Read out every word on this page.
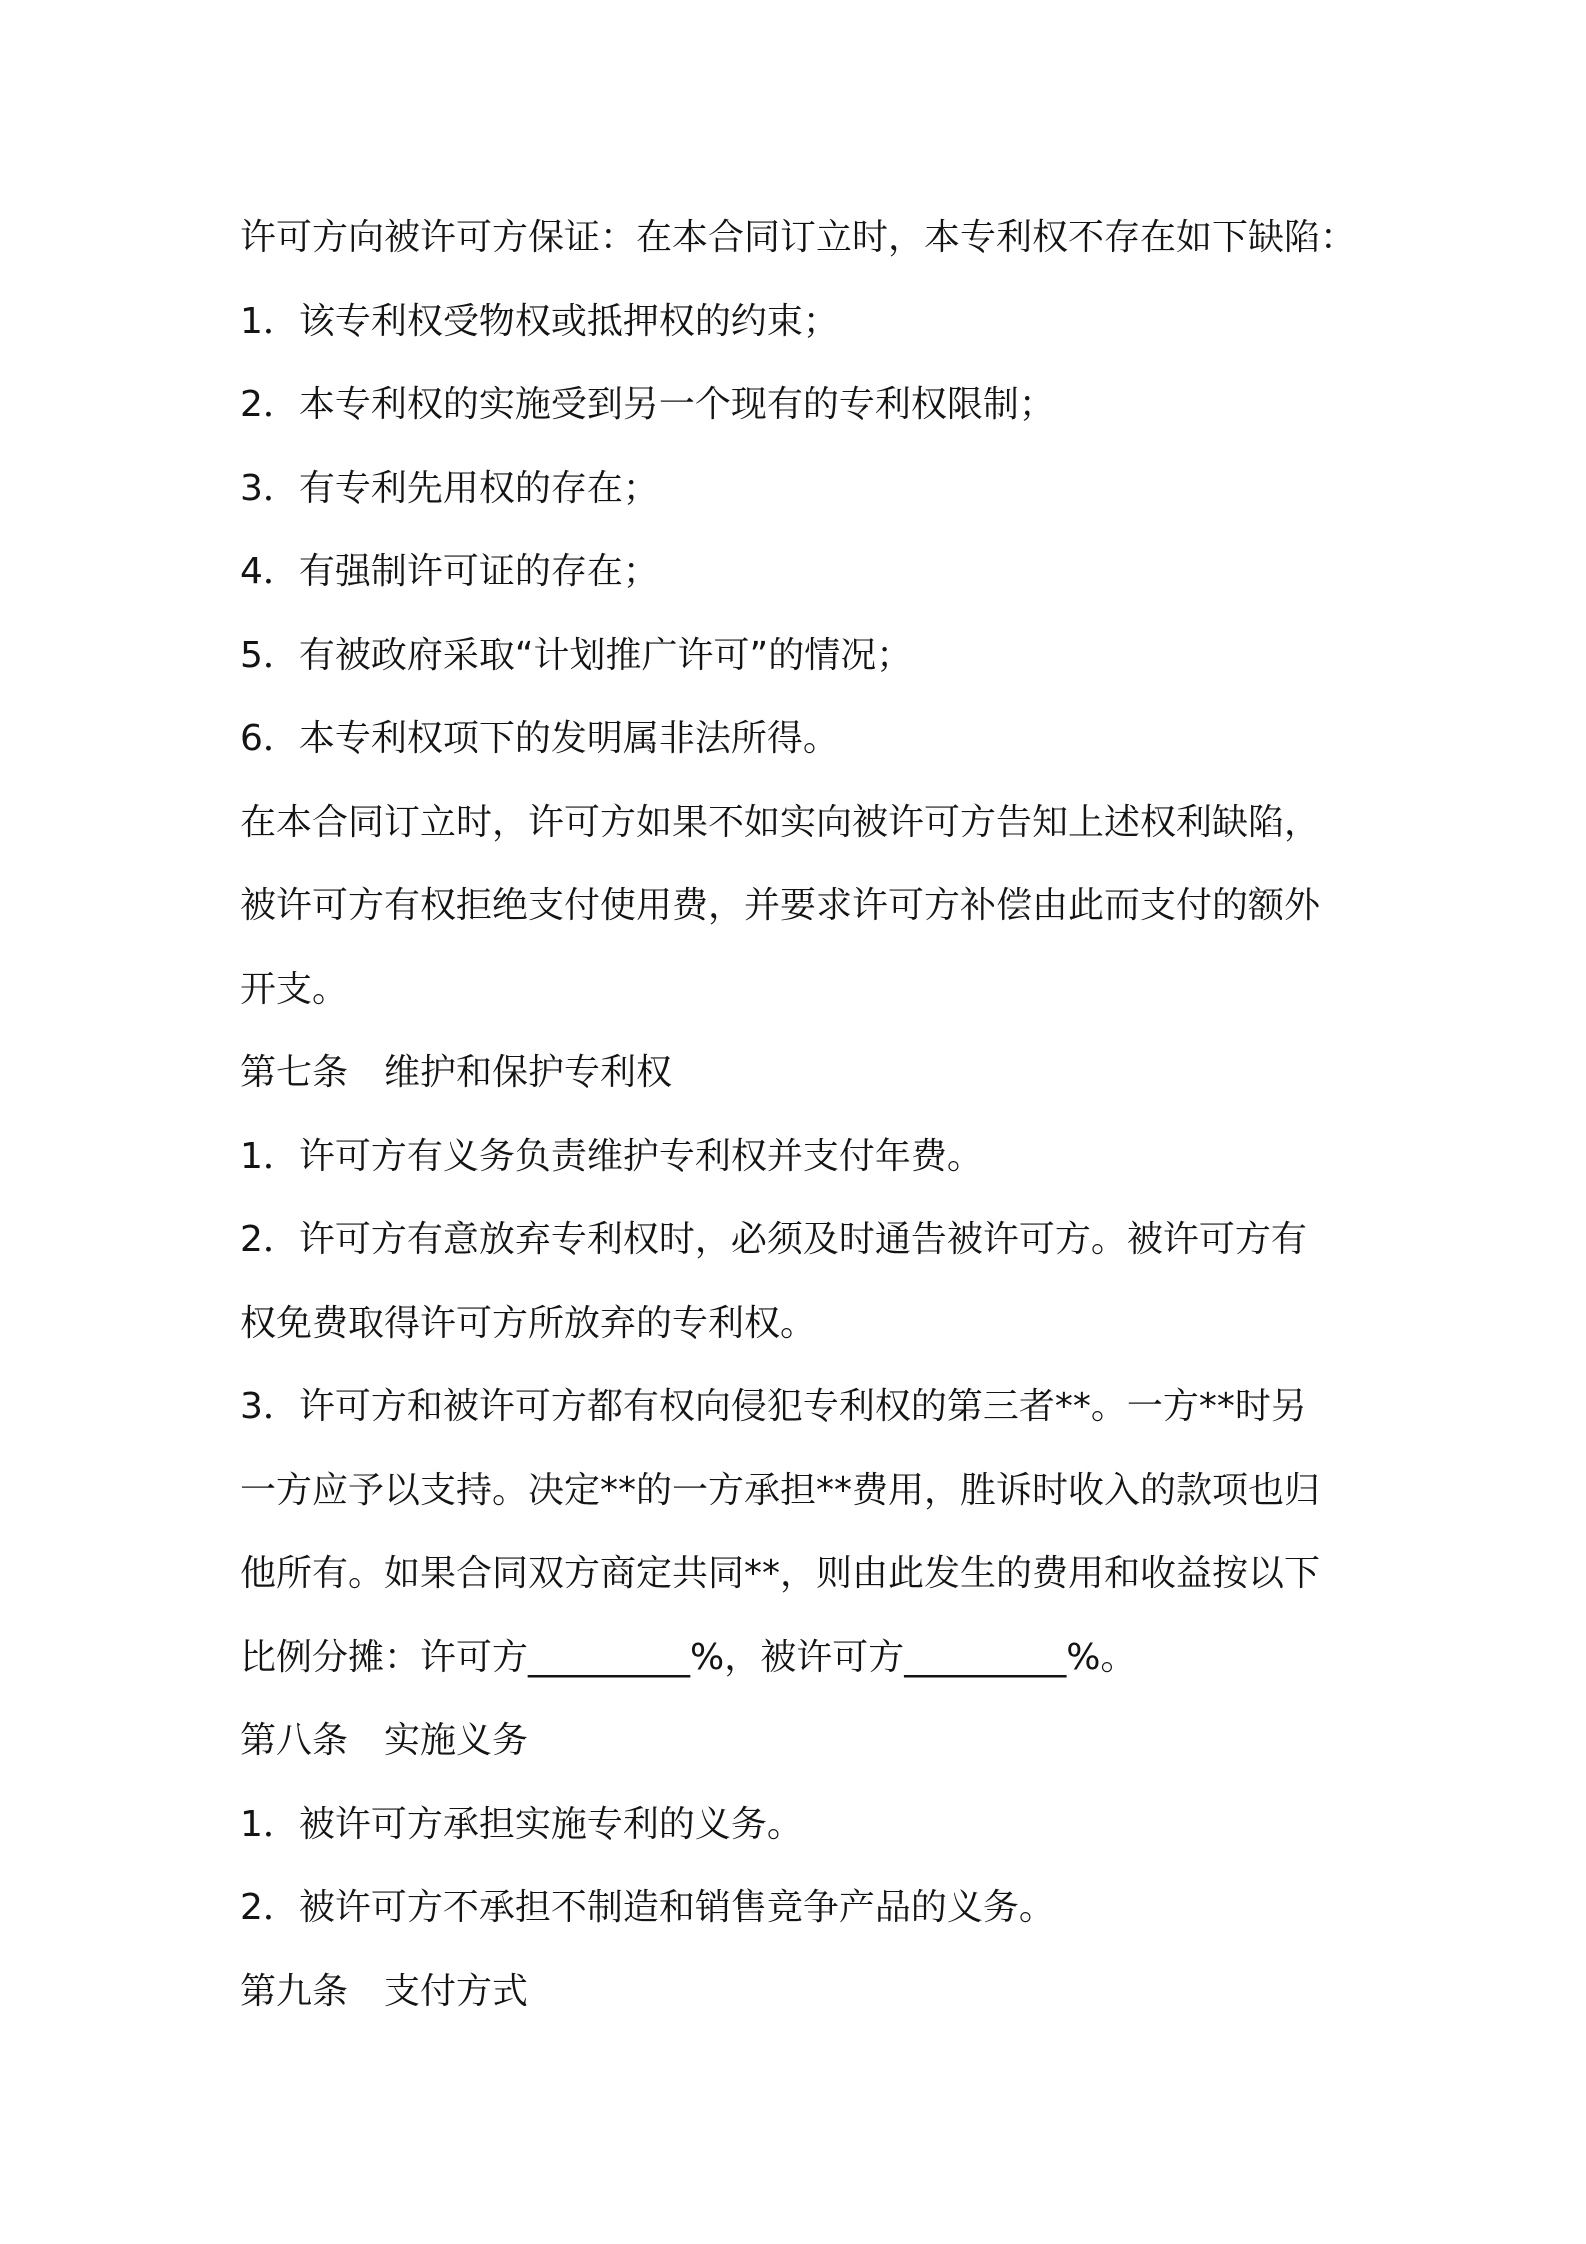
许可方向被许可方保证：在本合同订立时，本专利权不存在如下缺陷：
1．该专利权受物权或抵押权的约束；
2．本专利权的实施受到另一个现有的专利权限制；
3．有专利先用权的存在；
4．有强制许可证的存在；
5．有被政府采取“计划推广许可”的情况；
6．本专利权项下的发明属非法所得。
在本合同订立时，许可方如果不如实向被许可方告知上述权利缺陷，
被许可方有权拒绝支付使用费，并要求许可方补偿由此而支付的额外
开支。
第七条　维护和保护专利权
1．许可方有义务负责维护专利权并支付年费。
2．许可方有意放弃专利权时，必须及时通告被许可方。被许可方有
权免费取得许可方所放弃的专利权。
3．许可方和被许可方都有权向侵犯专利权的第三者**。一方**时另
一方应予以支持。决定**的一方承担**费用，胜诉时收入的款项也归
他所有。如果合同双方商定共同**，则由此发生的费用和收益按以下
比例分摊：许可方_________%，被许可方_________%。
第八条　实施义务
1．被许可方承担实施专利的义务。
2．被许可方不承担不制造和销售竞争产品的义务。
第九条　支付方式
